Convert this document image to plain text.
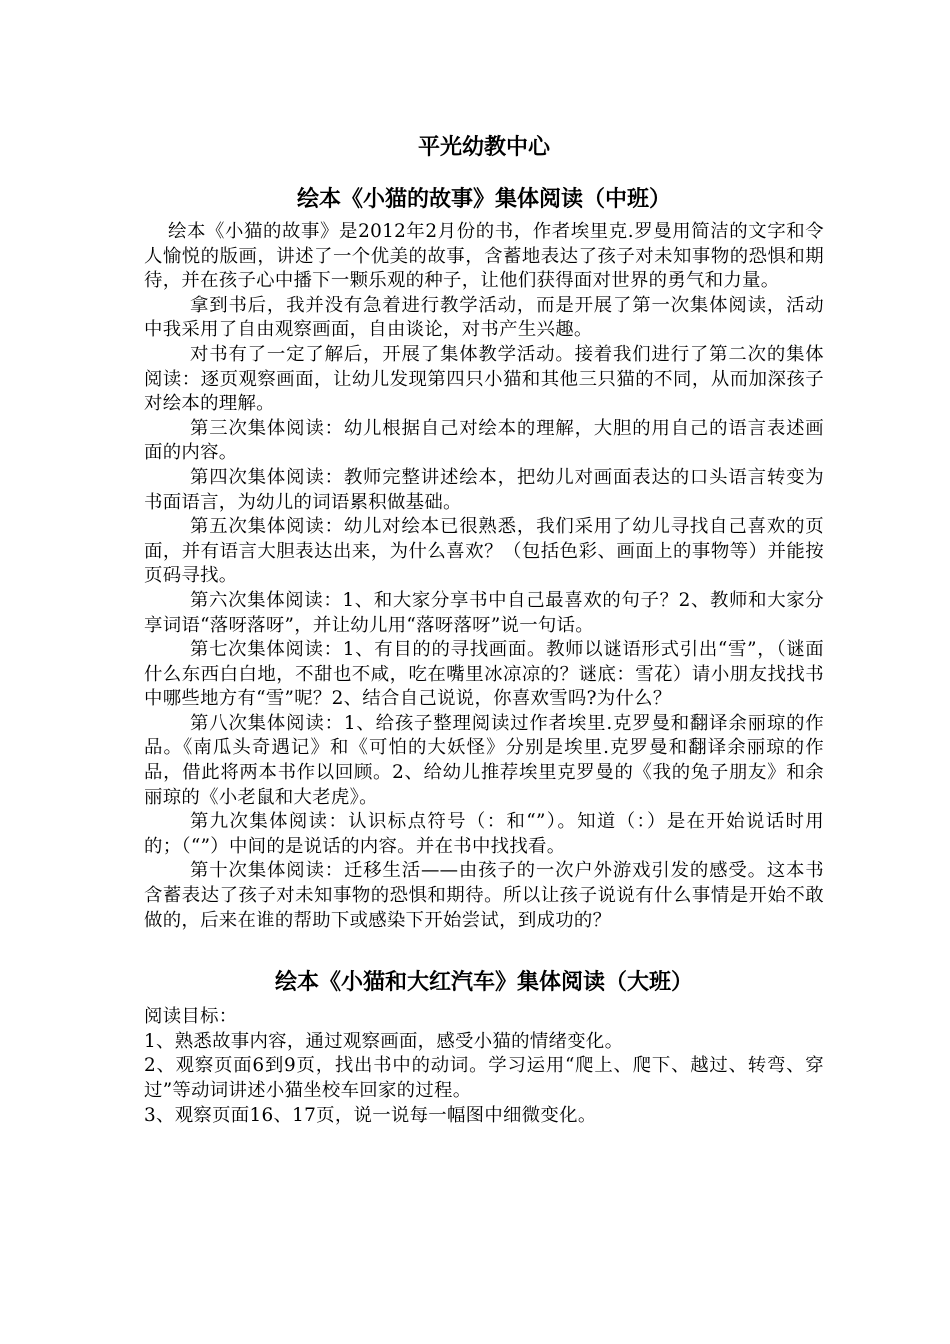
平光幼教中心
绘本《小猫的故事》集体阅读（中班）

绘本《小猫的故事》是2012年2月份的书，作者埃里克.罗曼用简洁的文字和令人愉悦的版画，讲述了一个优美的故事，含蓄地表达了孩子对未知事物的恐惧和期待，并在孩子心中播下一颗乐观的种子，让他们获得面对世界的勇气和力量。

拿到书后，我并没有急着进行教学活动，而是开展了第一次集体阅读，活动中我采用了自由观察画面，自由谈论，对书产生兴趣。

对书有了一定了解后，开展了集体教学活动。接着我们进行了第二次的集体阅读：逐页观察画面，让幼儿发现第四只小猫和其他三只猫的不同，从而加深孩子对绘本的理解。

第三次集体阅读：幼儿根据自己对绘本的理解，大胆的用自己的语言表述画面的内容。

第四次集体阅读：教师完整讲述绘本，把幼儿对画面表达的口头语言转变为书面语言，为幼儿的词语累积做基础。

第五次集体阅读：幼儿对绘本已很熟悉，我们采用了幼儿寻找自己喜欢的页面，并有语言大胆表达出来，为什么喜欢？（包括色彩、画面上的事物等）并能按页码寻找。

第六次集体阅读：1、和大家分享书中自己最喜欢的句子？2、教师和大家分享词语“落呀落呀”，并让幼儿用“落呀落呀”说一句话。

第七次集体阅读：1、有目的的寻找画面。教师以谜语形式引出“雪”，（谜面什么东西白白地，不甜也不咸，吃在嘴里冰凉凉的？谜底：雪花）请小朋友找找书中哪些地方有“雪”呢？2、结合自己说说，你喜欢雪吗?为什么？

第八次集体阅读：1、给孩子整理阅读过作者埃里.克罗曼和翻译余丽琼的作品。《南瓜头奇遇记》和《可怕的大妖怪》分别是埃里.克罗曼和翻译余丽琼的作品，借此将两本书作以回顾。2、给幼儿推荐埃里克罗曼的《我的兔子朋友》和余丽琼的《小老鼠和大老虎》。

第九次集体阅读：认识标点符号（：和“”）。知道（：）是在开始说话时用的；（“”）中间的是说话的内容。并在书中找找看。

第十次集体阅读：迁移生活——由孩子的一次户外游戏引发的感受。这本书含蓄表达了孩子对未知事物的恐惧和期待。所以让孩子说说有什么事情是开始不敢做的，后来在谁的帮助下或感染下开始尝试，到成功的？

绘本《小猫和大红汽车》集体阅读（大班）

阅读目标：

1、熟悉故事内容，通过观察画面，感受小猫的情绪变化。

2、观察页面6到9页，找出书中的动词。学习运用“爬上、爬下、越过、转弯、穿过”等动词讲述小猫坐校车回家的过程。

3、观察页面16、17页，说一说每一幅图中细微变化。
